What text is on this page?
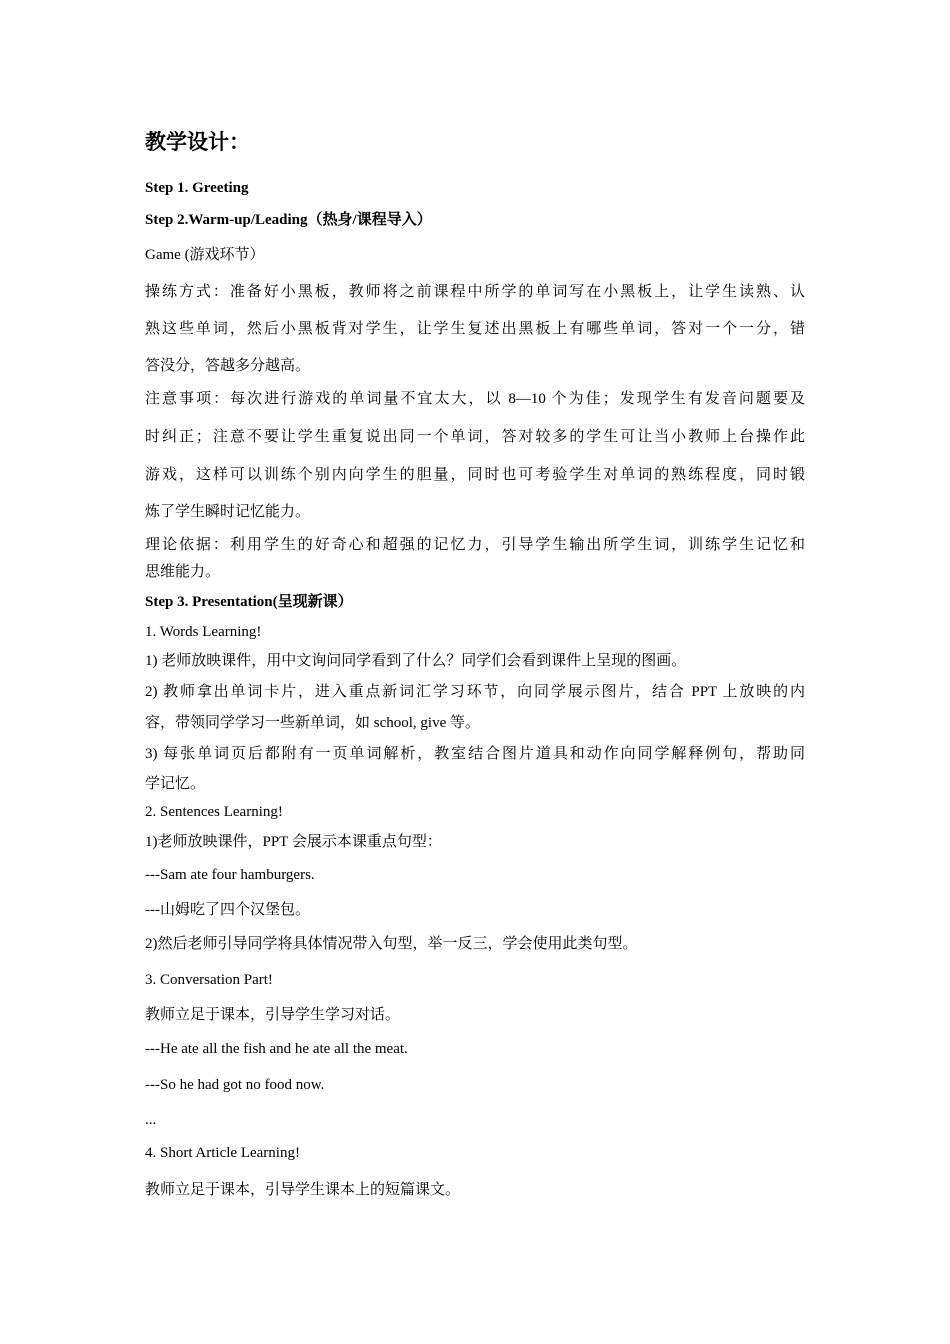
教学设计：
Step 1. Greeting
Step 2.Warm-up/Leading（热身/课程导入）
Game (游戏环节）
操练方式：准备好小黑板，教师将之前课程中所学的单词写在小黑板上，让学生读熟、认
熟这些单词，然后小黑板背对学生，让学生复述出黑板上有哪些单词，答对一个一分，错
答没分，答越多分越高。
注意事项：每次进行游戏的单词量不宜太大，以 8—10 个为佳；发现学生有发音问题要及
时纠正；注意不要让学生重复说出同一个单词，答对较多的学生可让当小教师上台操作此
游戏，这样可以训练个别内向学生的胆量，同时也可考验学生对单词的熟练程度，同时锻
炼了学生瞬时记忆能力。
理论依据：利用学生的好奇心和超强的记忆力，引导学生输出所学生词，训练学生记忆和
思维能力。
Step 3. Presentation(呈现新课）
1. Words Learning!
1) 老师放映课件，用中文询问同学看到了什么？同学们会看到课件上呈现的图画。
2) 教师拿出单词卡片，进入重点新词汇学习环节，向同学展示图片，结合 PPT 上放映的内
容，带领同学学习一些新单词，如 school, give 等。
3) 每张单词页后都附有一页单词解析，教室结合图片道具和动作向同学解释例句，帮助同
学记忆。
2. Sentences Learning!
1)老师放映课件，PPT 会展示本课重点句型：
---Sam ate four hamburgers.
---山姆吃了四个汉堡包。
2)然后老师引导同学将具体情况带入句型，举一反三，学会使用此类句型。
3. Conversation Part!
教师立足于课本，引导学生学习对话。
---He ate all the fish and he ate all the meat.
---So he had got no food now.
...
4. Short Article Learning!
教师立足于课本，引导学生课本上的短篇课文。
